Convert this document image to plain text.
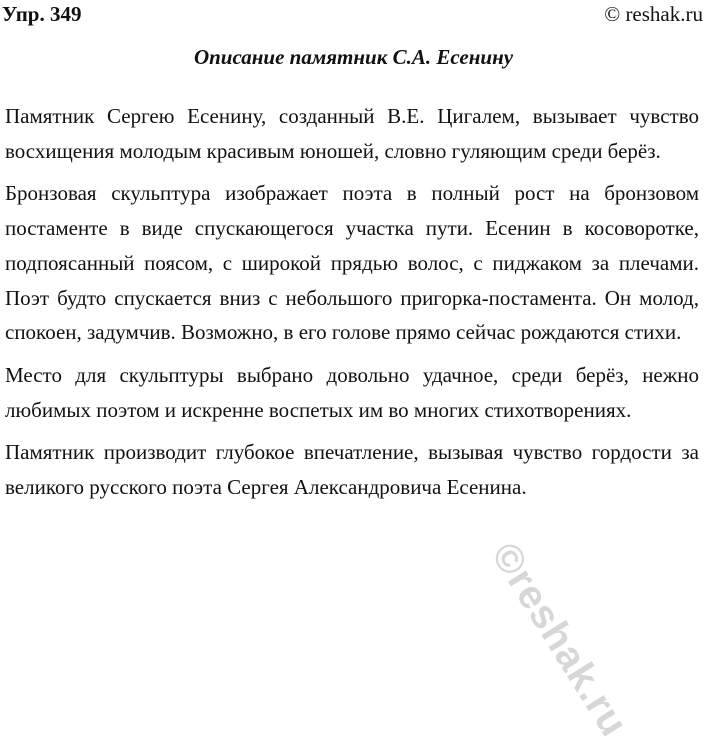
Упр. 349	© reshak.ru
Описание памятник С.А. Есенину

Памятник Сергею Есенину, созданный В.Е. Цигалем, вызывает чувство восхищения молодым красивым юношей, словно гуляющим среди берёз.

Бронзовая скульптура изображает поэта в полный рост на бронзовом постаменте в виде спускающегося участка пути. Есенин в косоворотке, подпоясанный поясом, с широкой прядью волос, с пиджаком за плечами. Поэт будто спускается вниз с небольшого пригорка-постамента. Он молод, спокоен, задумчив. Возможно, в его голове прямо сейчас рождаются стихи.

Место для скульптуры выбрано довольно удачное, среди берёз, нежно любимых поэтом и искренне воспетых им во многих стихотворениях.

Памятник производит глубокое впечатление, вызывая чувство гордости за великого русского поэта Сергея Александровича Есенина.

©reshak.ru
